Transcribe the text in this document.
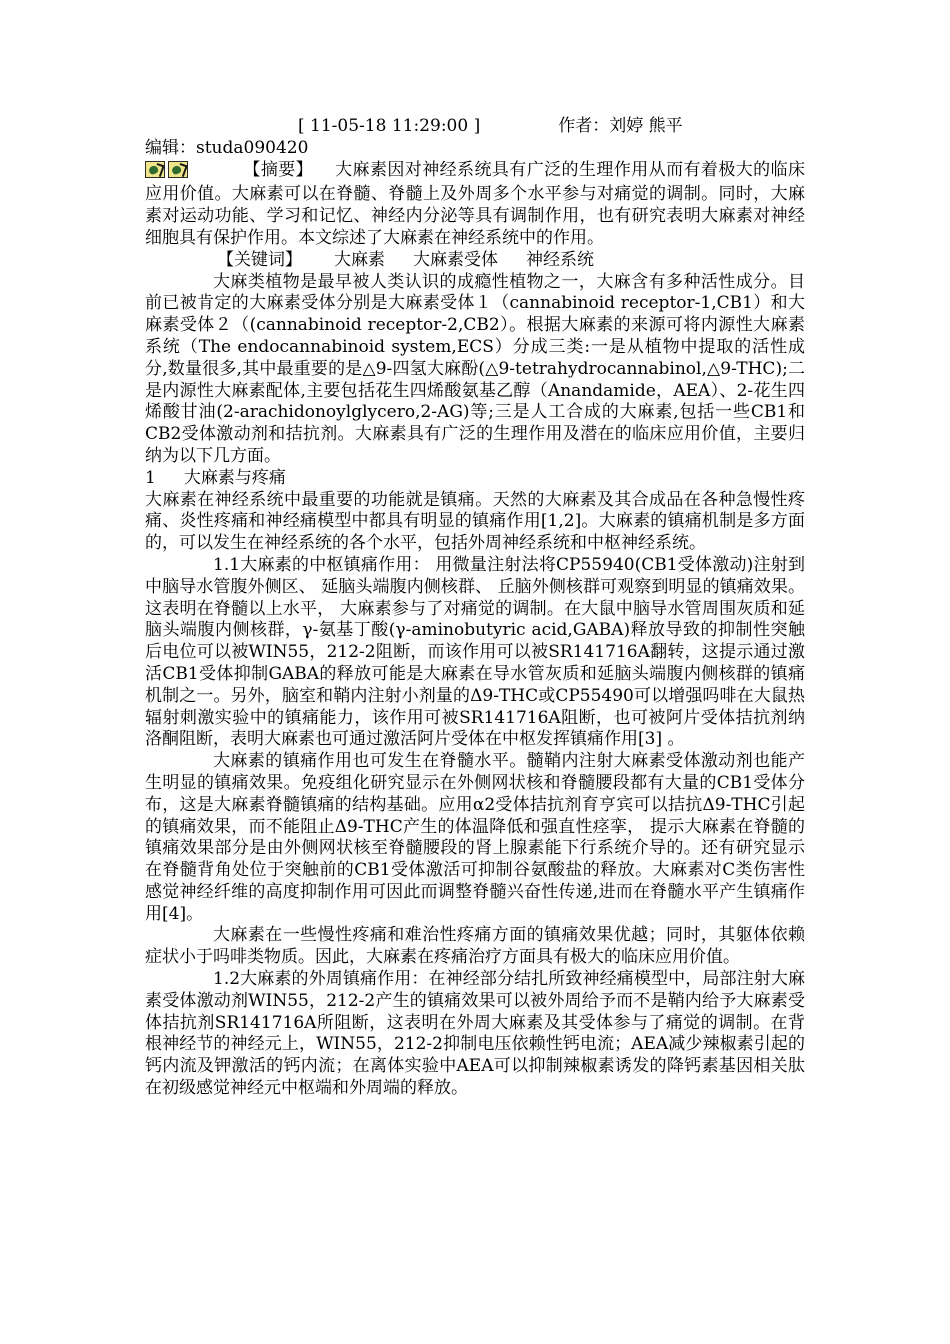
[ 11-05-18 11:29:00 ]	作者：刘婷 熊平

编辑：studa090420

【摘要】 大麻素因对神经系统具有广泛的生理作用从而有着极大的临床应用价值。大麻素可以在脊髓、脊髓上及外周多个水平参与对痛觉的调制。同时，大麻素对运动功能、学习和记忆、神经内分泌等具有调制作用，也有研究表明大麻素对神经细胞具有保护作用。本文综述了大麻素在神经系统中的作用。

【关键词】 大麻素 大麻素受体 神经系统

大麻类植物是最早被人类认识的成瘾性植物之一，大麻含有多种活性成分。目前已被肯定的大麻素受体分别是大麻素受体１（cannabinoid receptor-1,CB1）和大麻素受体２（(cannabinoid receptor-2,CB2）。根据大麻素的来源可将内源性大麻素系统（The endocannabinoid system,ECS）分成三类:一是从植物中提取的活性成分,数量很多,其中最重要的是△9-四氢大麻酚(△9-tetrahydrocannabinol,△9-THC);二是内源性大麻素配体,主要包括花生四烯酸氨基乙醇（Anandamide，AEA）、2-花生四烯酸甘油(2-arachidonoylglycero,2-AG)等;三是人工合成的大麻素,包括一些CB1和CB2受体激动剂和拮抗剂。大麻素具有广泛的生理作用及潜在的临床应用价值，主要归纳为以下几方面。

1 大麻素与疼痛

大麻素在神经系统中最重要的功能就是镇痛。天然的大麻素及其合成品在各种急慢性疼痛、炎性疼痛和神经痛模型中都具有明显的镇痛作用[1,2]。大麻素的镇痛机制是多方面的，可以发生在神经系统的各个水平，包括外周神经系统和中枢神经系统。

1.1大麻素的中枢镇痛作用： 用微量注射法将CP55940(CB1受体激动)注射到中脑导水管腹外侧区、 延脑头端腹内侧核群、 丘脑外侧核群可观察到明显的镇痛效果。这表明在脊髓以上水平， 大麻素参与了对痛觉的调制。在大鼠中脑导水管周围灰质和延脑头端腹内侧核群，γ-氨基丁酸(γ-aminobutyric acid,GABA)释放导致的抑制性突触后电位可以被WIN55，212-2阻断，而该作用可以被SR141716A翻转，这提示通过激活CB1受体抑制GABA的释放可能是大麻素在导水管灰质和延脑头端腹内侧核群的镇痛机制之一。另外，脑室和鞘内注射小剂量的Δ9-THC或CP55490可以增强吗啡在大鼠热辐射刺激实验中的镇痛能力，该作用可被SR141716A阻断，也可被阿片受体拮抗剂纳洛酮阻断，表明大麻素也可通过激活阿片受体在中枢发挥镇痛作用[3] 。

大麻素的镇痛作用也可发生在脊髓水平。髓鞘内注射大麻素受体激动剂也能产生明显的镇痛效果。免疫组化研究显示在外侧网状核和脊髓腰段都有大量的CB1受体分布，这是大麻素脊髓镇痛的结构基础。应用α2受体拮抗剂育亨宾可以拮抗Δ9-THC引起的镇痛效果，而不能阻止Δ9-THC产生的体温降低和强直性痉挛， 提示大麻素在脊髓的镇痛效果部分是由外侧网状核至脊髓腰段的肾上腺素能下行系统介导的。还有研究显示在脊髓背角处位于突触前的CB1受体激活可抑制谷氨酸盐的释放。大麻素对C类伤害性感觉神经纤维的高度抑制作用可因此而调整脊髓兴奋性传递,进而在脊髓水平产生镇痛作用[4]。

大麻素在一些慢性疼痛和难治性疼痛方面的镇痛效果优越；同时，其躯体依赖症状小于吗啡类物质。因此，大麻素在疼痛治疗方面具有极大的临床应用价值。

1.2大麻素的外周镇痛作用：在神经部分结扎所致神经痛模型中，局部注射大麻素受体激动剂WIN55，212-2产生的镇痛效果可以被外周给予而不是鞘内给予大麻素受体拮抗剂SR141716A所阻断，这表明在外周大麻素及其受体参与了痛觉的调制。在背根神经节的神经元上，WIN55，212-2抑制电压依赖性钙电流；AEA减少辣椒素引起的钙内流及钾激活的钙内流；在离体实验中AEA可以抑制辣椒素诱发的降钙素基因相关肽在初级感觉神经元中枢端和外周端的释放。
